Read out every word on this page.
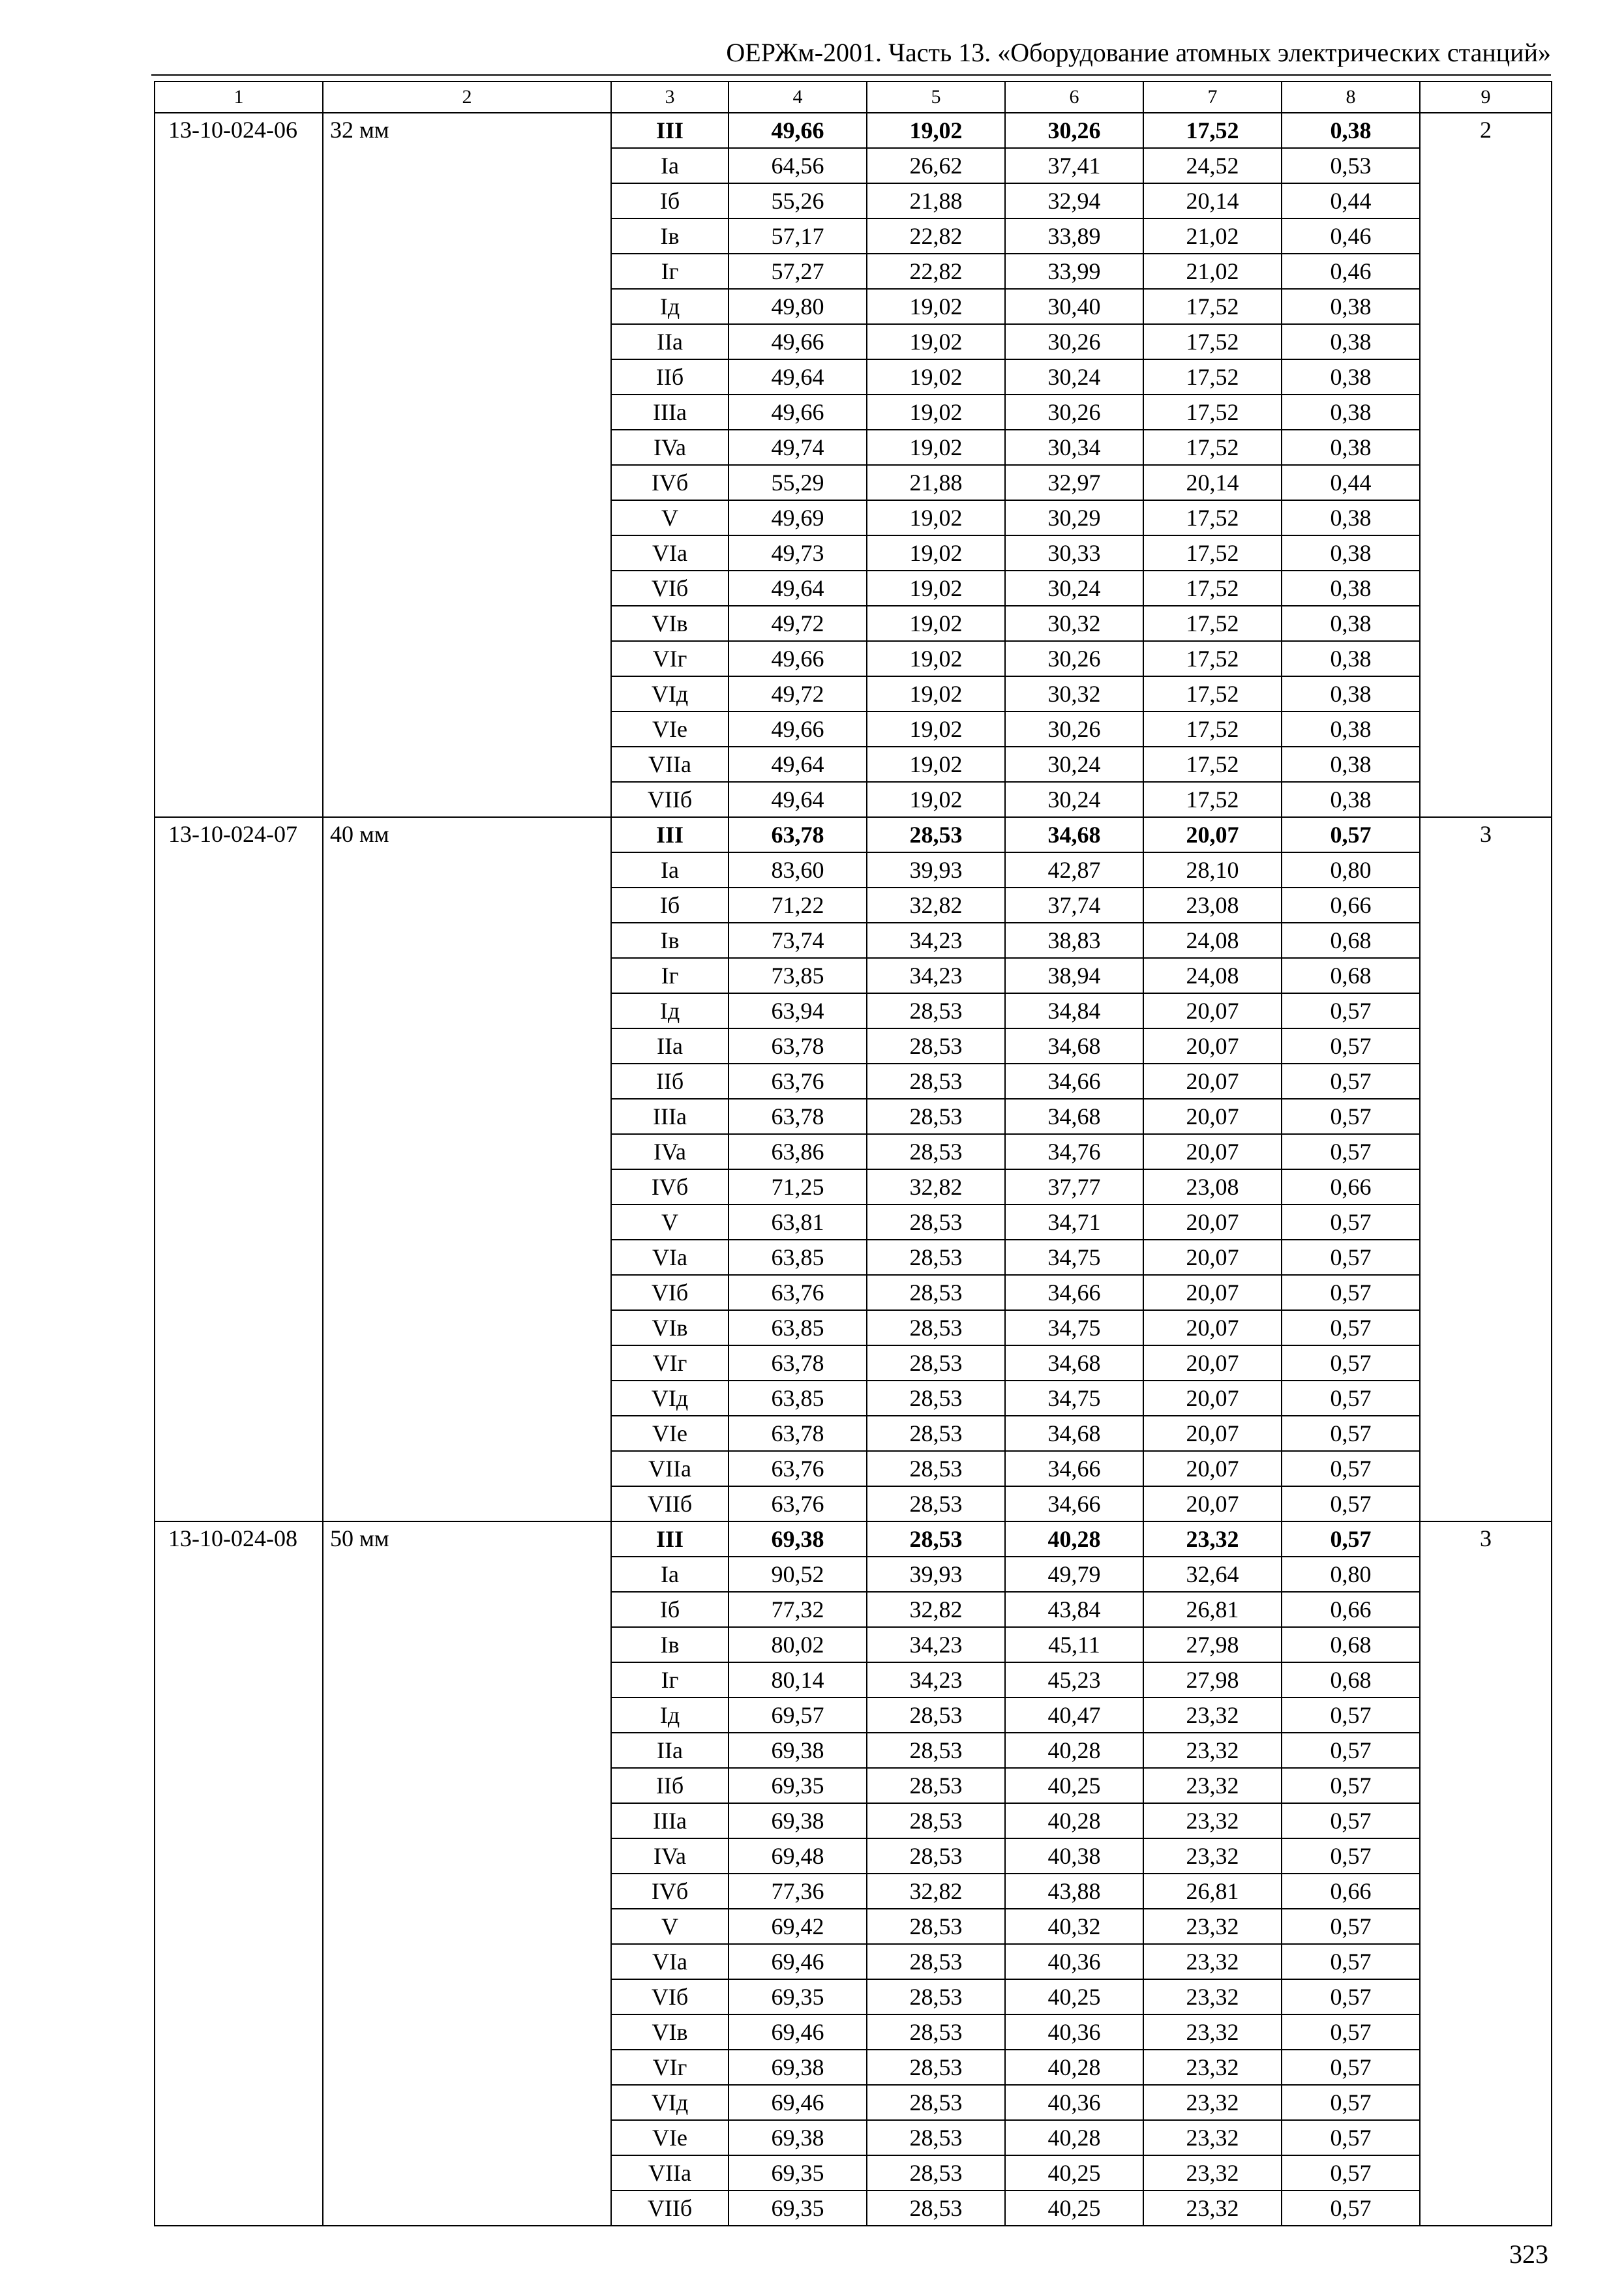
ОЕРЖм-2001. Часть 13. «Оборудование атомных электрических станций»
1	2	3	4	5	6	7	8	9
13-10-024-06	32 мм	III	49,66	19,02	30,26	17,52	0,38	2
		Ia	64,56	26,62	37,41	24,52	0,53	
		Iб	55,26	21,88	32,94	20,14	0,44	
		Iв	57,17	22,82	33,89	21,02	0,46	
		Iг	57,27	22,82	33,99	21,02	0,46	
		Iд	49,80	19,02	30,40	17,52	0,38	
		IIa	49,66	19,02	30,26	17,52	0,38	
		IIб	49,64	19,02	30,24	17,52	0,38	
		IIIa	49,66	19,02	30,26	17,52	0,38	
		IVa	49,74	19,02	30,34	17,52	0,38	
		IVб	55,29	21,88	32,97	20,14	0,44	
		V	49,69	19,02	30,29	17,52	0,38	
		VIa	49,73	19,02	30,33	17,52	0,38	
		VIб	49,64	19,02	30,24	17,52	0,38	
		VIв	49,72	19,02	30,32	17,52	0,38	
		VIг	49,66	19,02	30,26	17,52	0,38	
		VIд	49,72	19,02	30,32	17,52	0,38	
		VIe	49,66	19,02	30,26	17,52	0,38	
		VIIa	49,64	19,02	30,24	17,52	0,38	
		VIIб	49,64	19,02	30,24	17,52	0,38	
13-10-024-07	40 мм	III	63,78	28,53	34,68	20,07	0,57	3
		Ia	83,60	39,93	42,87	28,10	0,80	
		Iб	71,22	32,82	37,74	23,08	0,66	
		Iв	73,74	34,23	38,83	24,08	0,68	
		Iг	73,85	34,23	38,94	24,08	0,68	
		Iд	63,94	28,53	34,84	20,07	0,57	
		IIa	63,78	28,53	34,68	20,07	0,57	
		IIб	63,76	28,53	34,66	20,07	0,57	
		IIIa	63,78	28,53	34,68	20,07	0,57	
		IVa	63,86	28,53	34,76	20,07	0,57	
		IVб	71,25	32,82	37,77	23,08	0,66	
		V	63,81	28,53	34,71	20,07	0,57	
		VIa	63,85	28,53	34,75	20,07	0,57	
		VIб	63,76	28,53	34,66	20,07	0,57	
		VIв	63,85	28,53	34,75	20,07	0,57	
		VIг	63,78	28,53	34,68	20,07	0,57	
		VIд	63,85	28,53	34,75	20,07	0,57	
		VIe	63,78	28,53	34,68	20,07	0,57	
		VIIa	63,76	28,53	34,66	20,07	0,57	
		VIIб	63,76	28,53	34,66	20,07	0,57	
13-10-024-08	50 мм	III	69,38	28,53	40,28	23,32	0,57	3
		Ia	90,52	39,93	49,79	32,64	0,80	
		Iб	77,32	32,82	43,84	26,81	0,66	
		Iв	80,02	34,23	45,11	27,98	0,68	
		Iг	80,14	34,23	45,23	27,98	0,68	
		Iд	69,57	28,53	40,47	23,32	0,57	
		IIa	69,38	28,53	40,28	23,32	0,57	
		IIб	69,35	28,53	40,25	23,32	0,57	
		IIIa	69,38	28,53	40,28	23,32	0,57	
		IVa	69,48	28,53	40,38	23,32	0,57	
		IVб	77,36	32,82	43,88	26,81	0,66	
		V	69,42	28,53	40,32	23,32	0,57	
		VIa	69,46	28,53	40,36	23,32	0,57	
		VIб	69,35	28,53	40,25	23,32	0,57	
		VIв	69,46	28,53	40,36	23,32	0,57	
		VIг	69,38	28,53	40,28	23,32	0,57	
		VIд	69,46	28,53	40,36	23,32	0,57	
		VIe	69,38	28,53	40,28	23,32	0,57	
		VIIa	69,35	28,53	40,25	23,32	0,57	
		VIIб	69,35	28,53	40,25	23,32	0,57	
323
